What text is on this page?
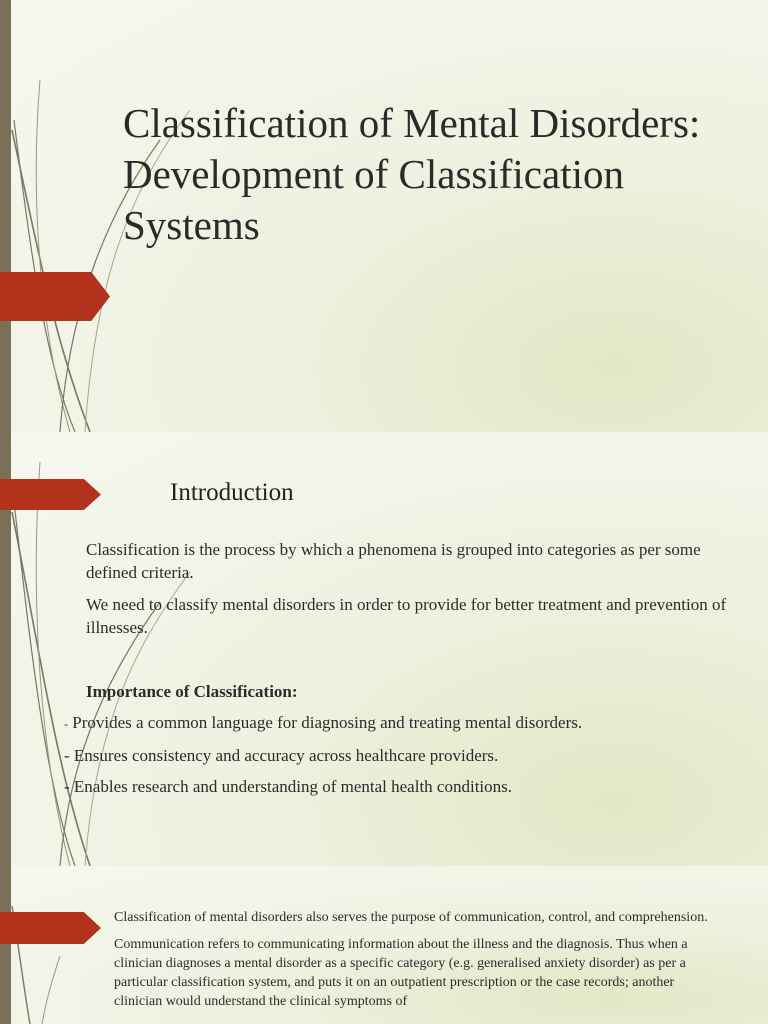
Classification of Mental Disorders: Development of Classification Systems
Introduction
Classification is the process by which a phenomena is grouped into categories as per some defined criteria.
We need to classify mental disorders in order to provide for better treatment and prevention of illnesses.
Importance of Classification:
- Provides a common language for diagnosing and treating mental disorders.
- Ensures consistency and accuracy across healthcare providers.
- Enables research and understanding of mental health conditions.
Classification of mental disorders also serves the purpose of communication, control, and comprehension.
Communication refers to communicating information about the illness and the diagnosis. Thus when a clinician diagnoses a mental disorder as a specific category (e.g. generalised anxiety disorder) as per a particular classification system, and puts it on an outpatient prescription or the case records; another clinician would understand the clinical symptoms of
